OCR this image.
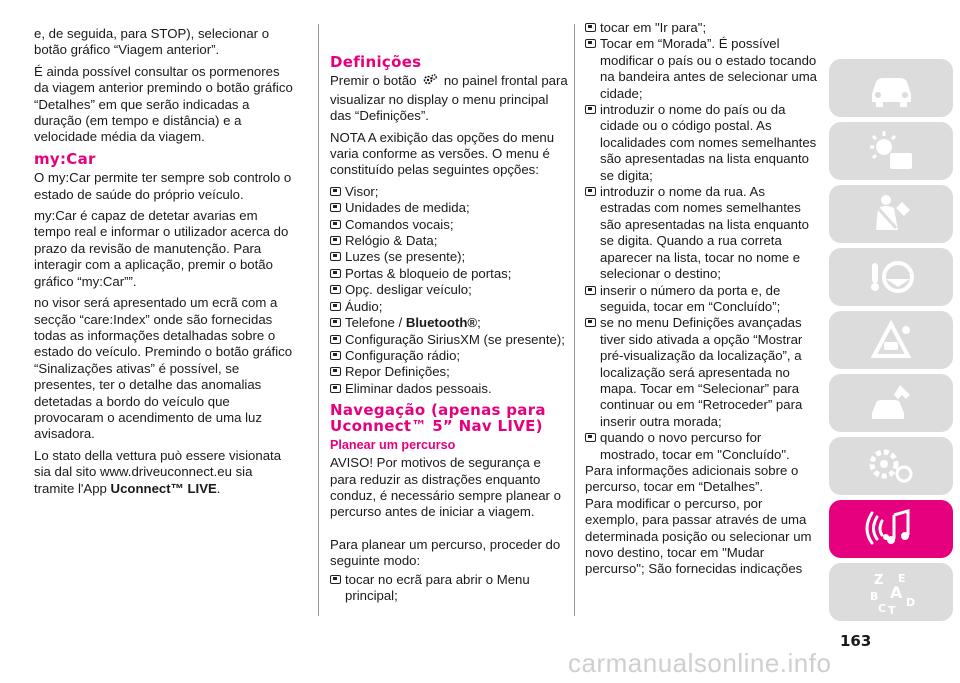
e, de seguida, para STOP), selecionar o botão gráfico “Viagem anterior”.

É ainda possível consultar os pormenores da viagem anterior premindo o botão gráfico “Detalhes” em que serão indicadas a duração (em tempo e distância) e a velocidade média da viagem.

my:Car

O my:Car permite ter sempre sob controlo o estado de saúde do próprio veículo.

my:Car é capaz de detetar avarias em tempo real e informar o utilizador acerca do prazo da revisão de manutenção. Para interagir com a aplicação, premir o botão gráfico “my:Car””.

no visor será apresentado um ecrã com a secção “care:Index” onde são fornecidas todas as informações detalhadas sobre o estado do veículo. Premindo o botão gráfico “Sinalizações ativas” é possível, se presentes, ter o detalhe das anomalias detetadas a bordo do veículo que provocaram o acendimento de uma luz avisadora.

Lo stato della vettura può essere visionata sia dal sito www.driveuconnect.eu sia tramite l'App Uconnect™ LIVE.

Definições

Premir o botão no painel frontal para visualizar no display o menu principal das “Definições”.

NOTA A exibição das opções do menu varia conforme as versões. O menu é constituído pelas seguintes opções:

Visor;
Unidades de medida;
Comandos vocais;
Relógio & Data;
Luzes (se presente);
Portas & bloqueio de portas;
Opç. desligar veículo;
Áudio;
Telefone / Bluetooth®;
Configuração SiriusXM (se presente);
Configuração rádio;
Repor Definições;
Eliminar dados pessoais.
Navegação (apenas para Uconnect™ 5” Nav LIVE)
Planear um percurso

AVISO! Por motivos de segurança e para reduzir as distrações enquanto conduz, é necessário sempre planear o percurso antes de iniciar a viagem.

Para planear um percurso, proceder do seguinte modo:

tocar no ecrã para abrir o Menu principal;
tocar em "Ir para";
Tocar em “Morada”. É possível modificar o país ou o estado tocando na bandeira antes de selecionar uma cidade;
introduzir o nome do país ou da cidade ou o código postal. As localidades com nomes semelhantes são apresentadas na lista enquanto se digita;
introduzir o nome da rua. As estradas com nomes semelhantes são apresentadas na lista enquanto se digita. Quando a rua correta aparecer na lista, tocar no nome e selecionar o destino;
inserir o número da porta e, de seguida, tocar em “Concluído”;
se no menu Definições avançadas tiver sido ativada a opção “Mostrar pré-visualização da localização”, a localização será apresentada no mapa. Tocar em “Selecionar” para continuar ou em “Retroceder” para inserir outra morada;
quando o novo percurso for mostrado, tocar em "Concluído".

Para informações adicionais sobre o percurso, tocar em “Detalhes”.

Para modificar o percurso, por exemplo, para passar através de uma determinada posição ou selecionar um novo destino, tocar em "Mudar percurso"; São fornecidas indicações

Z E
B A
C T
D
163
carmanualsonline.info
